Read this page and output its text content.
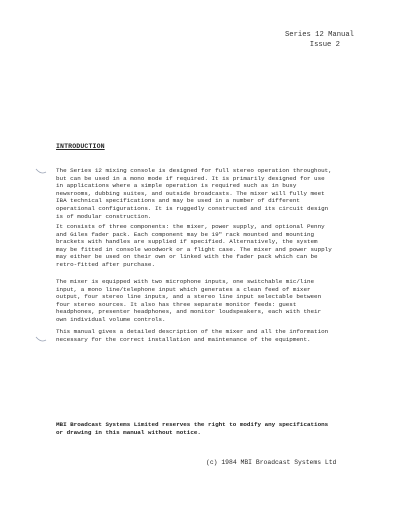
Series 12 Manual
Issue 2
INTRODUCTION
The Series 12 mixing console is designed for full stereo operation throughout,
but can be used in a mono mode if required. It is primarily designed for use
in applications where a simple operation is required such as in busy
newsrooms, dubbing suites, and outside broadcasts. The mixer will fully meet
IBA technical specifications and may be used in a number of different
operational configurations. It is ruggedly constructed and its circuit design
is of modular construction.
It consists of three components: the mixer, power supply, and optional Penny
and Giles fader pack. Each component may be 19" rack mounted and mounting
brackets with handles are supplied if specified. Alternatively, the system
may be fitted in console woodwork or a flight case. The mixer and power supply
may either be used on their own or linked with the fader pack which can be
retro-fitted after purchase.
The mixer is equipped with two microphone inputs, one switchable mic/line
input, a mono line/telephone input which generates a clean feed of mixer
output, four stereo line inputs, and a stereo line input selectable between
four stereo sources. It also has three separate monitor feeds: guest
headphones, presenter headphones, and monitor loudspeakers, each with their
own individual volume controls.
This manual gives a detailed description of the mixer and all the information
necessary for the correct installation and maintenance of the equipment.
MBI Broadcast Systems Limited reserves the right to modify any specifications
or drawing in this manual without notice.
(c) 1984 MBI Broadcast Systems Ltd
